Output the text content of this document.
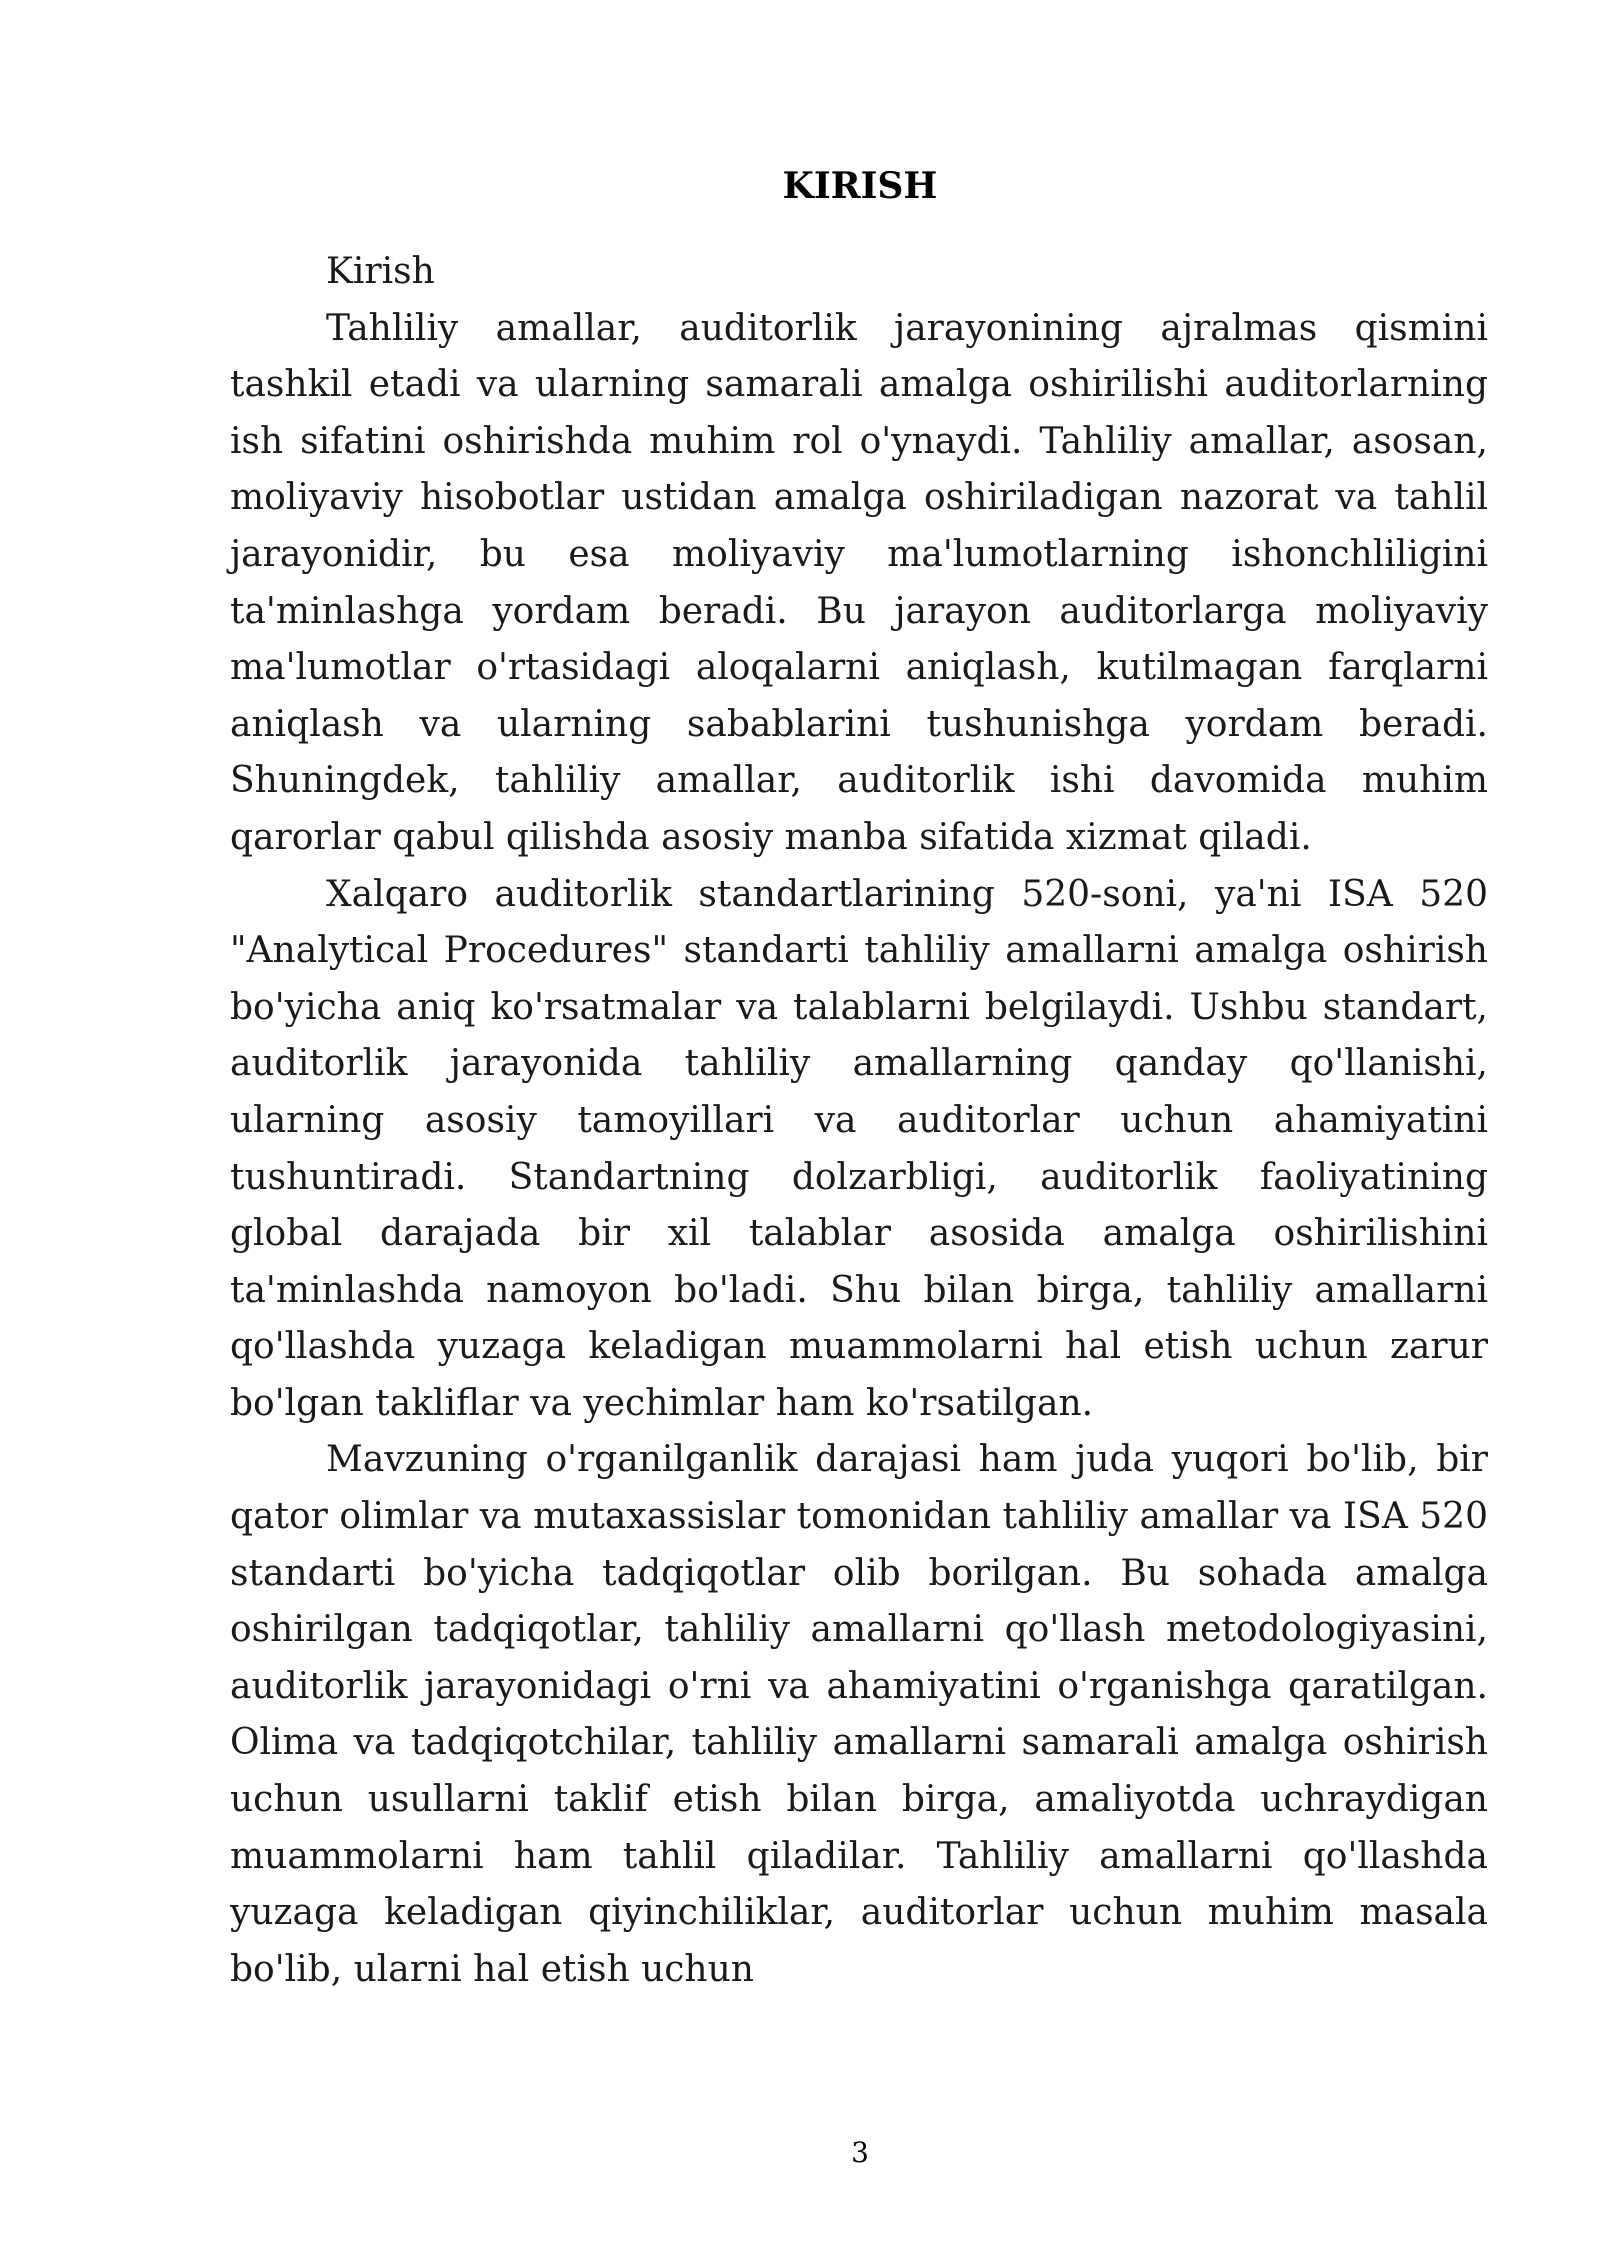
KIRISH

Kirish

Tahliliy amallar, auditorlik jarayonining ajralmas qismini tashkil etadi va ularning samarali amalga oshirilishi auditorlarning ish sifatini oshirishda muhim rol o'ynaydi. Tahliliy amallar, asosan, moliyaviy hisobotlar ustidan amalga oshiriladigan nazorat va tahlil jarayonidir, bu esa moliyaviy ma'lumotlarning ishonchliligini ta'minlashga yordam beradi. Bu jarayon auditorlarga moliyaviy ma'lumotlar o'rtasidagi aloqalarni aniqlash, kutilmagan farqlarni aniqlash va ularning sabablarini tushunishga yordam beradi. Shuningdek, tahliliy amallar, auditorlik ishi davomida muhim qarorlar qabul qilishda asosiy manba sifatida xizmat qiladi.

Xalqaro auditorlik standartlarining 520-soni, ya'ni ISA 520 "Analytical Procedures" standarti tahliliy amallarni amalga oshirish bo'yicha aniq ko'rsatmalar va talablarni belgilaydi. Ushbu standart, auditorlik jarayonida tahliliy amallarning qanday qo'llanishi, ularning asosiy tamoyillari va auditorlar uchun ahamiyatini tushuntiradi. Standartning dolzarbligi, auditorlik faoliyatining global darajada bir xil talablar asosida amalga oshirilishini ta'minlashda namoyon bo'ladi. Shu bilan birga, tahliliy amallarni qo'llashda yuzaga keladigan muammolarni hal etish uchun zarur bo'lgan takliflar va yechimlar ham ko'rsatilgan.

Mavzuning o'rganilganlik darajasi ham juda yuqori bo'lib, bir qator olimlar va mutaxassislar tomonidan tahliliy amallar va ISA 520 standarti bo'yicha tadqiqotlar olib borilgan. Bu sohada amalga oshirilgan tadqiqotlar, tahliliy amallarni qo'llash metodologiyasini, auditorlik jarayonidagi o'rni va ahamiyatini o'rganishga qaratilgan. Olima va tadqiqotchilar, tahliliy amallarni samarali amalga oshirish uchun usullarni taklif etish bilan birga, amaliyotda uchraydigan muammolarni ham tahlil qiladilar. Tahliliy amallarni qo'llashda yuzaga keladigan qiyinchiliklar, auditorlar uchun muhim masala bo'lib, ularni hal etish uchun

3
